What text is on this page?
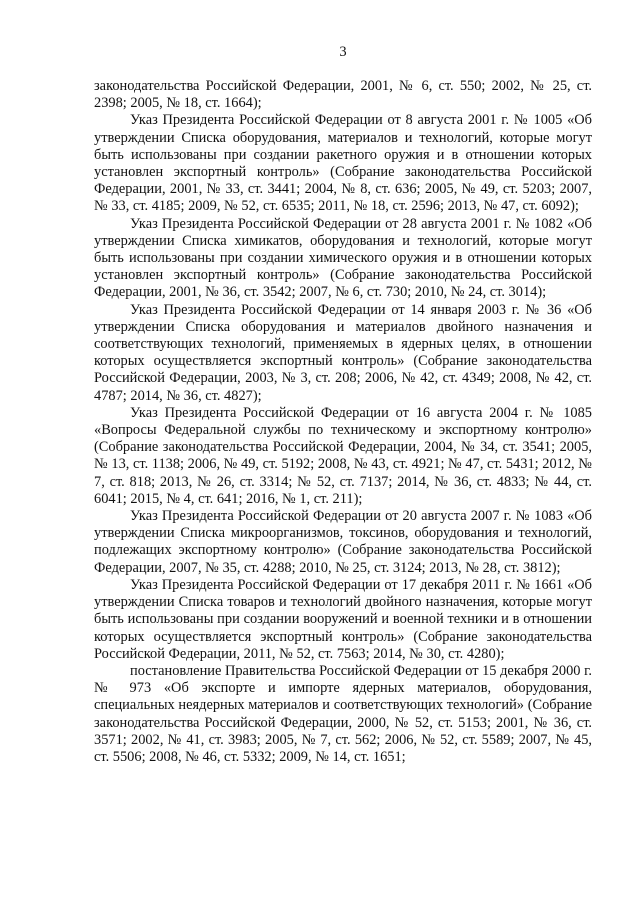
3

законодательства Российской Федерации, 2001, № 6, ст. 550; 2002, № 25, ст. 2398; 2005, № 18, ст. 1664);

Указ Президента Российской Федерации от 8 августа 2001 г. № 1005 «Об утверждении Списка оборудования, материалов и технологий, которые могут быть использованы при создании ракетного оружия и в отношении которых установлен экспортный контроль» (Собрание законодательства Российской Федерации, 2001, № 33, ст. 3441; 2004, № 8, ст. 636; 2005, № 49, ст. 5203; 2007, № 33, ст. 4185; 2009, № 52, ст. 6535; 2011, № 18, ст. 2596; 2013, № 47, ст. 6092);

Указ Президента Российской Федерации от 28 августа 2001 г. № 1082 «Об утверждении Списка химикатов, оборудования и технологий, которые могут быть использованы при создании химического оружия и в отношении которых установлен экспортный контроль» (Собрание законодательства Российской Федерации, 2001, № 36, ст. 3542; 2007, № 6, ст. 730; 2010, № 24, ст. 3014);

Указ Президента Российской Федерации от 14 января 2003 г. № 36 «Об утверждении Списка оборудования и материалов двойного назначения и соответствующих технологий, применяемых в ядерных целях, в отношении которых осуществляется экспортный контроль» (Собрание законодательства Российской Федерации, 2003, № 3, ст. 208; 2006, № 42, ст. 4349; 2008, № 42, ст. 4787; 2014, № 36, ст. 4827);

Указ Президента Российской Федерации от 16 августа 2004 г. № 1085 «Вопросы Федеральной службы по техническому и экспортному контролю» (Собрание законодательства Российской Федерации, 2004, № 34, ст. 3541; 2005, № 13, ст. 1138; 2006, № 49, ст. 5192; 2008, № 43, ст. 4921; № 47, ст. 5431; 2012, № 7, ст. 818; 2013, № 26, ст. 3314; № 52, ст. 7137; 2014, № 36, ст. 4833; № 44, ст. 6041; 2015, № 4, ст. 641; 2016, № 1, ст. 211);

Указ Президента Российской Федерации от 20 августа 2007 г. № 1083 «Об утверждении Списка микроорганизмов, токсинов, оборудования и технологий, подлежащих экспортному контролю» (Собрание законодательства Российской Федерации, 2007, № 35, ст. 4288; 2010, № 25, ст. 3124; 2013, № 28, ст. 3812);

Указ Президента Российской Федерации от 17 декабря 2011 г. № 1661 «Об утверждении Списка товаров и технологий двойного назначения, которые могут быть использованы при создании вооружений и военной техники и в отношении которых осуществляется экспортный контроль» (Собрание законодательства Российской Федерации, 2011, № 52, ст. 7563; 2014, № 30, ст. 4280);

постановление Правительства Российской Федерации от 15 декабря 2000 г. № 973 «Об экспорте и импорте ядерных материалов, оборудования, специальных неядерных материалов и соответствующих технологий» (Собрание законодательства Российской Федерации, 2000, № 52, ст. 5153; 2001, № 36, ст. 3571; 2002, № 41, ст. 3983; 2005, № 7, ст. 562; 2006, № 52, ст. 5589; 2007, № 45, ст. 5506; 2008, № 46, ст. 5332; 2009, № 14, ст. 1651;
